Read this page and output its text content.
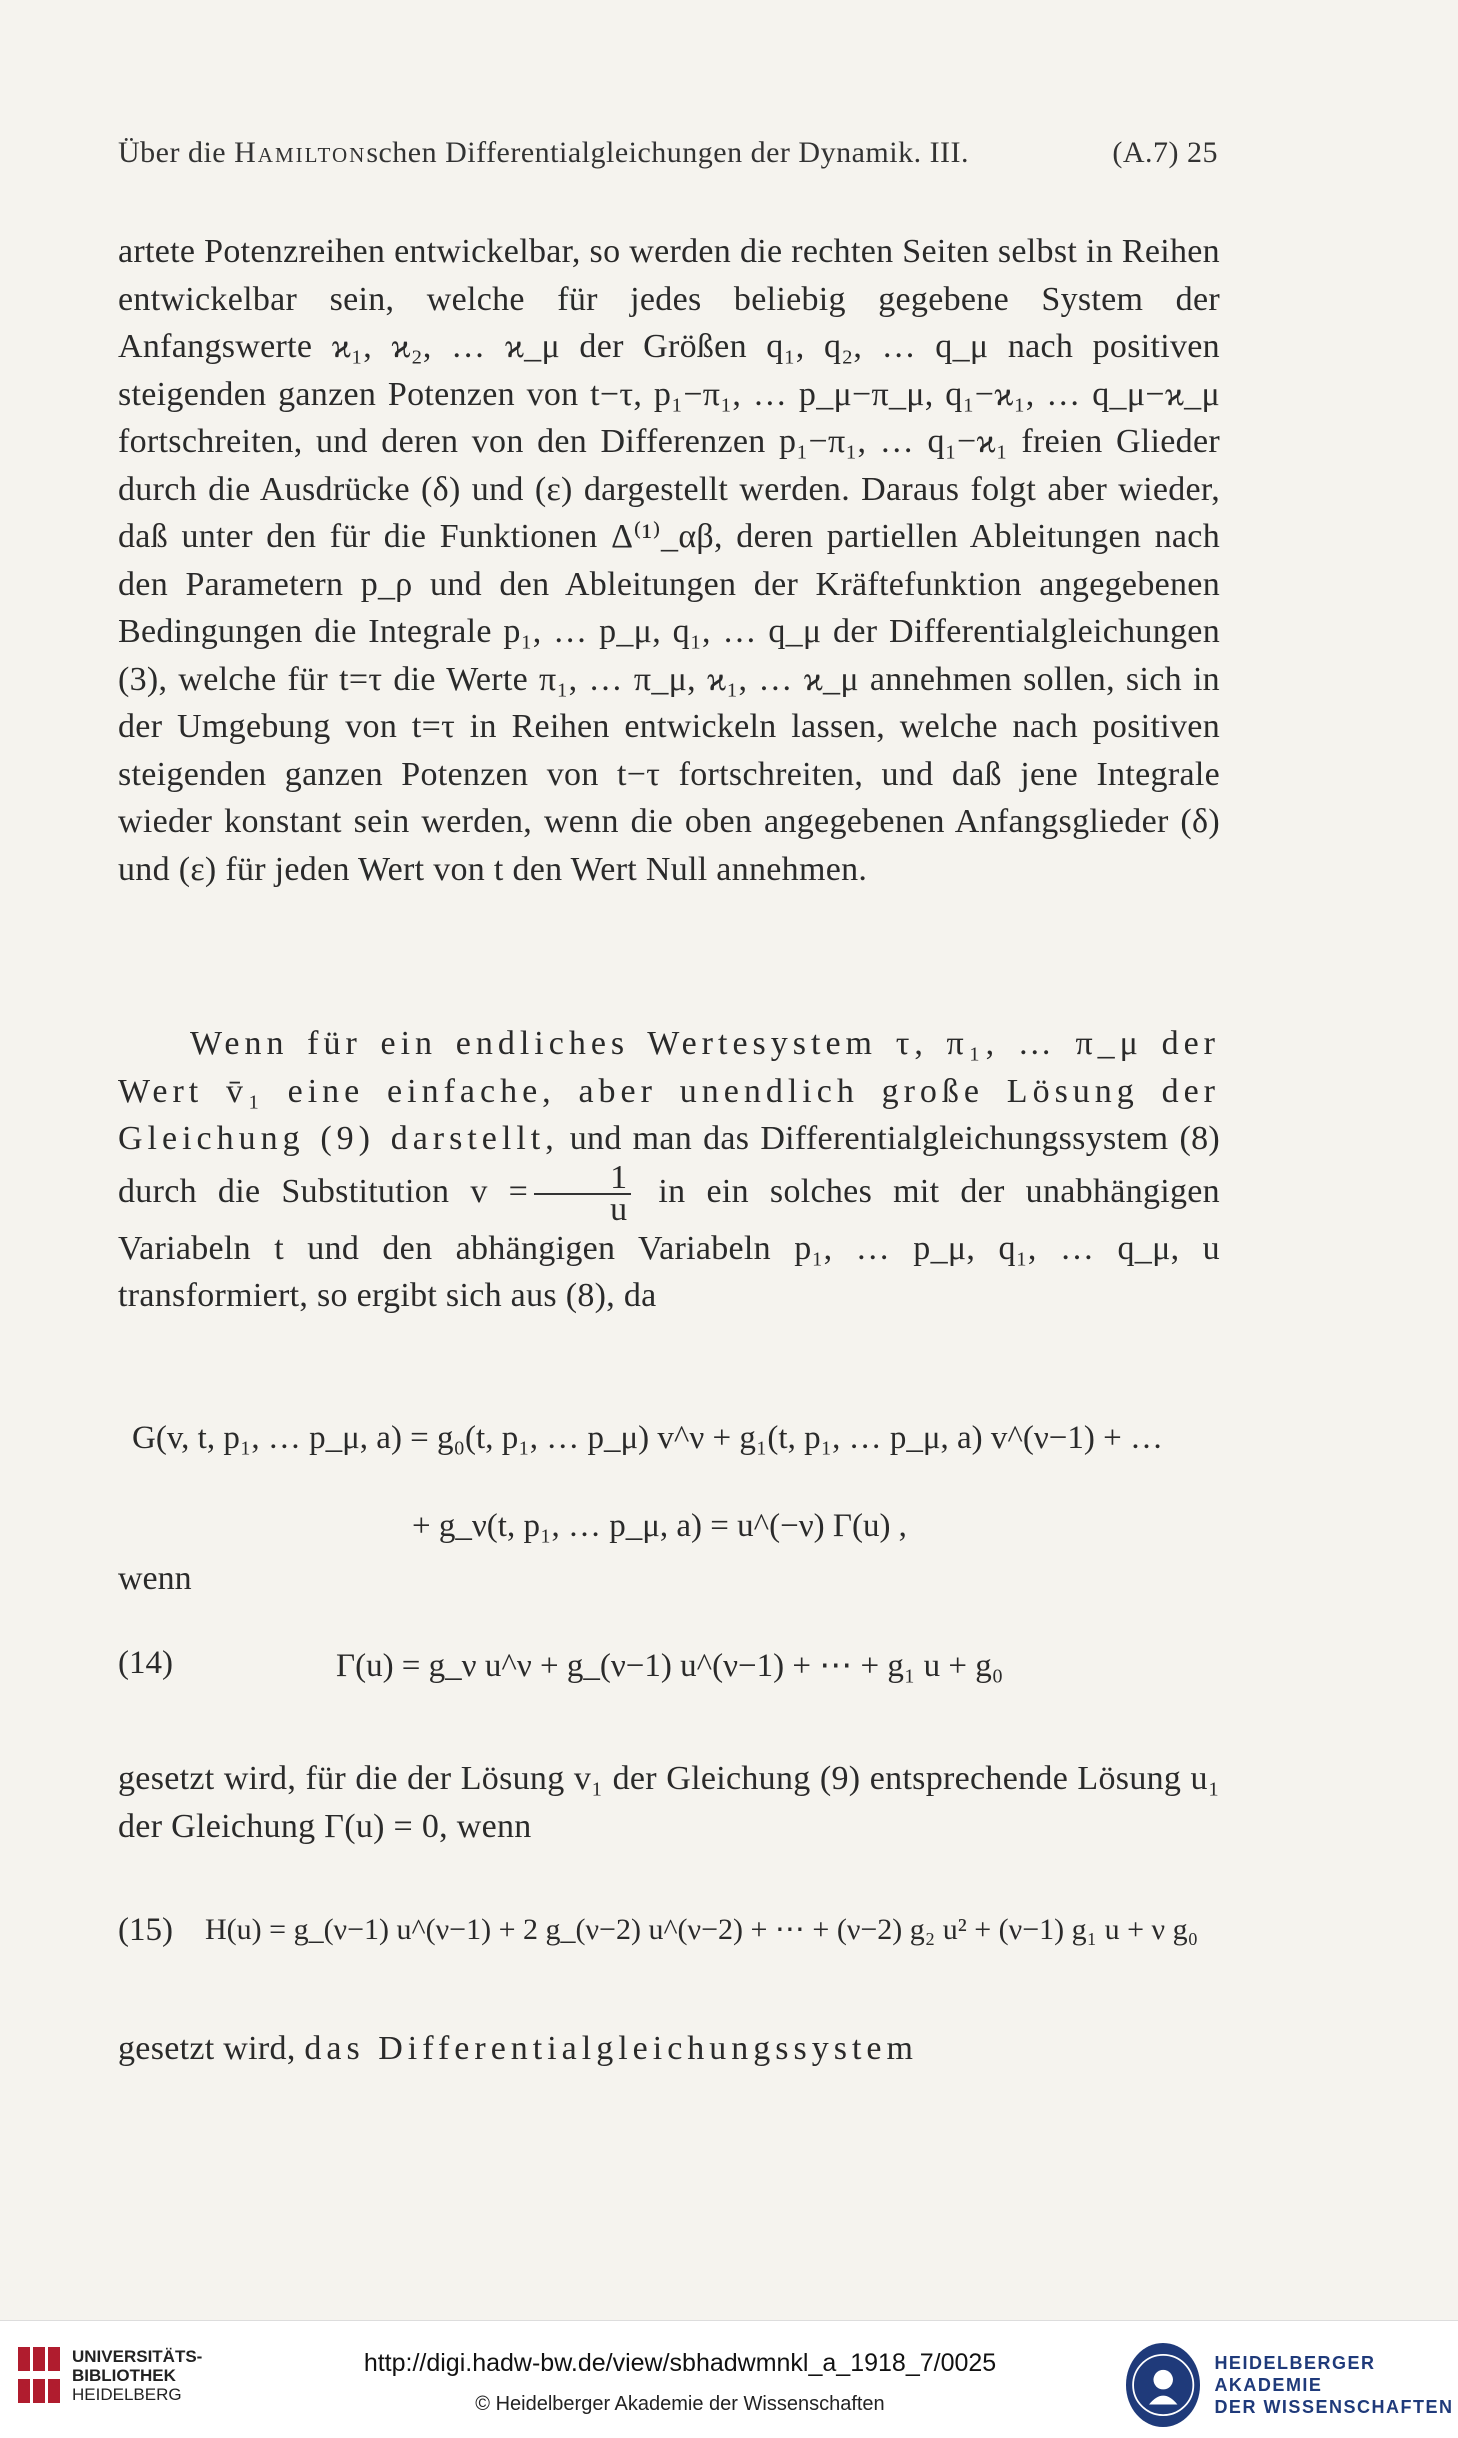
Über die Hamiltonschen Differentialgleichungen der Dynamik. III.	(A.7) 25

artete Potenzreihen entwickelbar, so werden die rechten Seiten selbst in Reihen entwickelbar sein, welche für jedes beliebig gegebene System der Anfangswerte ϰ₁, ϰ₂, … ϰ_μ der Größen q₁, q₂, … q_μ nach positiven steigenden ganzen Potenzen von t−τ, p₁−π₁, … p_μ−π_μ, q₁−ϰ₁, … q_μ−ϰ_μ fortschreiten, und deren von den Differenzen p₁−π₁, … q₁−ϰ₁ freien Glieder durch die Ausdrücke (δ) und (ε) dargestellt werden. Daraus folgt aber wieder, daß unter den für die Funktionen Δ⁽¹⁾_αβ, deren partiellen Ableitungen nach den Parametern p_ρ und den Ableitungen der Kräftefunktion angegebenen Bedingungen die Integrale p₁, … p_μ, q₁, … q_μ der Differentialgleichungen (3), welche für t=τ die Werte π₁, … π_μ, ϰ₁, … ϰ_μ annehmen sollen, sich in der Umgebung von t=τ in Reihen entwickeln lassen, welche nach positiven steigenden ganzen Potenzen von t−τ fortschreiten, und daß jene Integrale wieder konstant sein werden, wenn die oben angegebenen Anfangsglieder (δ) und (ε) für jeden Wert von t den Wert Null annehmen.

Wenn für ein endliches Wertesystem τ, π₁, … π_μ der Wert v̄₁ eine einfache, aber unendlich große Lösung der Gleichung (9) darstellt, und man das Differentialgleichungssystem (8) durch die Substitution $v = \frac{1}{u}$ in ein solches mit der unabhängigen Variabeln t und den abhängigen Variabeln p₁, … p_μ, q₁, … q_μ, u transformiert, so ergibt sich aus (8), da

G(v, t, p₁, … p_μ, a) = g₀(t, p₁, … p_μ) v^ν + g₁(t, p₁, … p_μ, a) v^(ν−1) + …
+ g_ν(t, p₁, … p_μ, a) = u^(−ν) Γ(u) ,
wenn
(14)	Γ(u) = g_ν u^ν + g_(ν−1) u^(ν−1) + ⋯ + g₁ u + g₀

gesetzt wird, für die der Lösung v₁ der Gleichung (9) entsprechende Lösung u₁ der Gleichung Γ(u) = 0, wenn

(15) H(u) = g_(ν−1) u^(ν−1) + 2 g_(ν−2) u^(ν−2) + ⋯ + (ν−2) g₂ u² + (ν−1) g₁ u + ν g₀

gesetzt wird, das Differentialgleichungssystem

UNIVERSITÄTS-
BIBLIOTHEK
HEIDELBERG
http://digi.hadw-bw.de/view/sbhadwmnkl_a_1918_7/0025
© Heidelberger Akademie der Wissenschaften
HEIDELBERGER AKADEMIE
DER WISSENSCHAFTEN
